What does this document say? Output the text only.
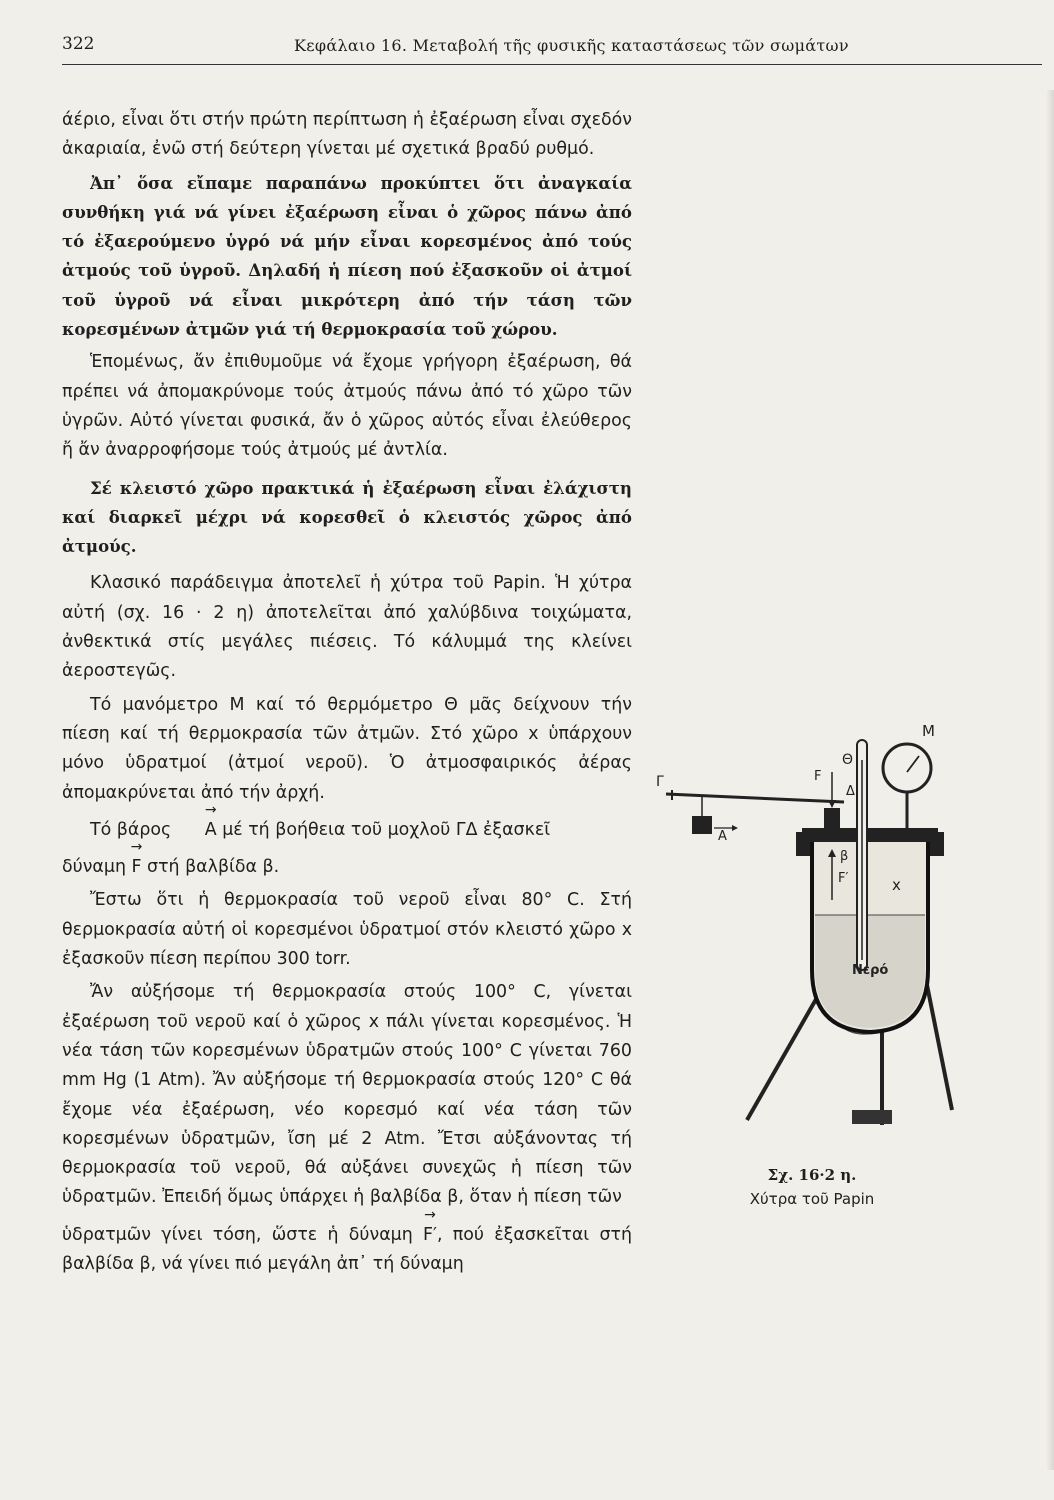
322	Κεφάλαιο 16. Μεταβολή τῆς φυσικῆς καταστάσεως τῶν σωμάτων

άέριο, εἶναι ὅτι στήν πρώτη περίπτωση ἡ ἐξαέρωση εἶναι σχεδόν ἀκαριαία, ἐνῶ στή δεύτερη γίνεται μέ σχετικά βραδύ ρυθμό.

Ἀπ᾽ ὅσα εἴπαμε παραπάνω προκύπτει ὅτι ἀναγκαία συνθήκη γιά νά γίνει ἐξαέρωση εἶναι ὁ χῶρος πάνω ἀπό τό ἐξαερούμενο ὑγρό νά μήν εἶναι κορεσμένος ἀπό τούς ἀτμούς τοῦ ὑγροῦ. Δηλαδή ἡ πίεση πού ἐξασκοῦν οἱ ἀτμοί τοῦ ὑγροῦ νά εἶναι μικρότερη ἀπό τήν τάση τῶν κορεσμένων ἀτμῶν γιά τή θερμοκρασία τοῦ χώρου.

Ἑπομένως, ἄν ἐπιθυμοῦμε νά ἔχομε γρήγορη ἐξαέρωση, θά πρέπει νά ἀπομακρύνομε τούς ἀτμούς πάνω ἀπό τό χῶρο τῶν ὑγρῶν. Αὐτό γίνεται φυσικά, ἄν ὁ χῶρος αὐτός εἶναι ἐλεύθερος ἤ ἄν ἀναρροφήσομε τούς ἀτμούς μέ ἀντλία.

Σέ κλειστό χῶρο πρακτικά ἡ ἐξαέρωση εἶναι ἐλάχιστη καί διαρκεῖ μέχρι νά κορεσθεῖ ὁ κλειστός χῶρος ἀπό ἀτμούς.

Κλασικό παράδειγμα ἀποτελεῖ ἡ χύτρα τοῦ Papin. Ἡ χύτρα αὐτή (σχ. 16 · 2 η) ἀποτελεῖται ἀπό χαλύβδινα τοιχώματα, ἀνθεκτικά στίς μεγάλες πιέσεις. Τό κάλυμμά της κλείνει ἀεροστεγῶς.

Τό μανόμετρο Μ καί τό θερμόμετρο Θ μᾶς δείχνουν τήν πίεση καί τή θερμοκρασία τῶν ἀτμῶν. Στό χῶρο x ὑπάρχουν μόνο ὑδρατμοί (ἀτμοί νεροῦ). Ὁ ἀτμοσφαιρικός ἀέρας ἀπομακρύνεται ἀπό τήν ἀρχή.

Τό βάρος → A μέ τή βοήθεια τοῦ μοχλοῦ ΓΔ ἐξασκεῖ

δύναμη → F στή βαλβίδα β.

Ἔστω ὅτι ἡ θερμοκρασία τοῦ νεροῦ εἶναι 80° C. Στή θερμοκρασία αὐτή οἱ κορεσμένοι ὑδρατμοί στόν κλειστό χῶρο x ἐξασκοῦν πίεση περίπου 300 torr.

Ἄν αὐξήσομε τή θερμοκρασία στούς 100° C, γίνεται ἐξαέρωση τοῦ νεροῦ καί ὁ χῶρος x πάλι γίνεται κορεσμένος. Ἡ νέα τάση τῶν κορεσμένων ὑδρατμῶν στούς 100° C γίνεται 760 mm Hg (1 Atm). Ἄν αὐξήσομε τή θερμοκρασία στούς 120° C θά ἔχομε νέα ἐξαέρωση, νέο κορεσμό καί νέα τάση τῶν κορεσμένων ὑδρατμῶν, ἴση μέ 2 Atm. Ἔτσι αὐξάνοντας τή θερμοκρασία τοῦ νεροῦ, θά αὐξάνει συνεχῶς ἡ πίεση τῶν ὑδρατμῶν. Ἐπειδή ὅμως ὑπάρχει ἡ βαλβίδα β, ὅταν ἡ πίεση τῶν

ὑδρατμῶν γίνει τόση, ὥστε ἡ δύναμη → F′, πού ἐξασκεῖται στή βαλβίδα β, νά γίνει πιό μεγάλη ἀπ᾽ τή δύναμη

M
Θ
Γ
Δ
F
A
β
F′	x
Νερό
Σχ. 16·2 η.
Χύτρα τοῦ Papin
